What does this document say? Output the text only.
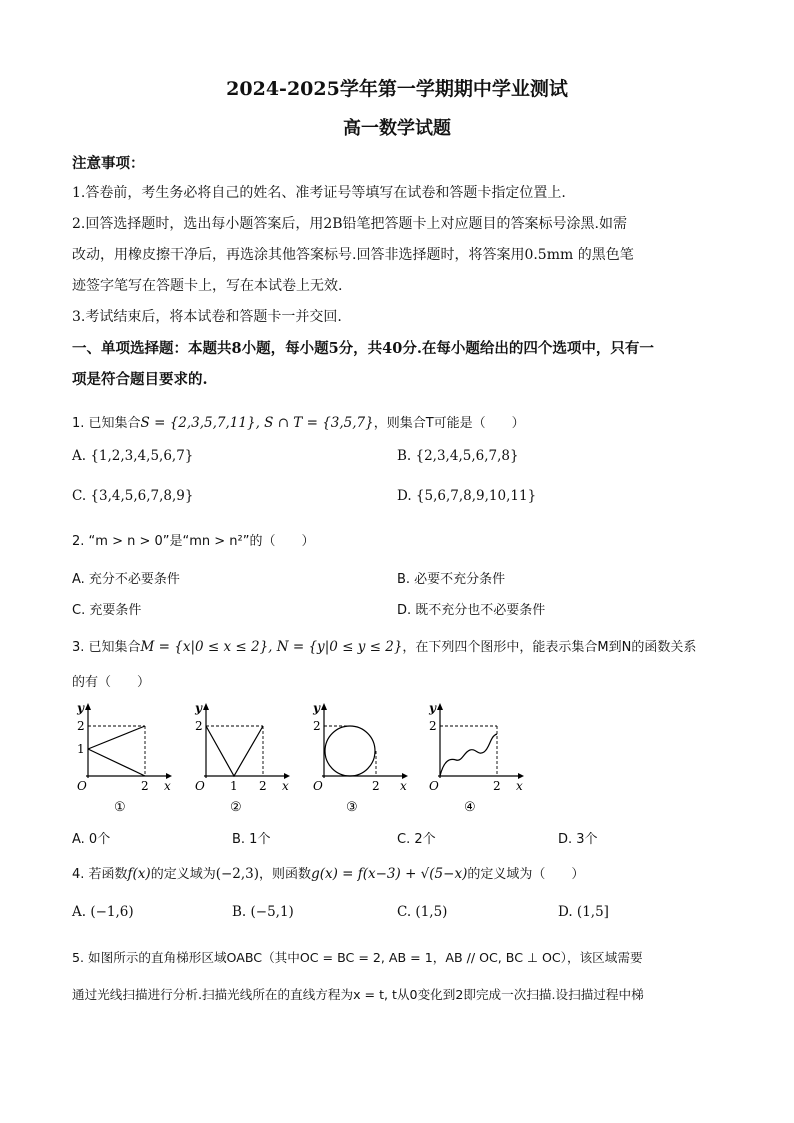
2024-2025学年第一学期期中学业测试
高一数学试题
注意事项：
1.答卷前，考生务必将自己的姓名、准考证号等填写在试卷和答题卡指定位置上.
2.回答选择题时，选出每小题答案后，用2B铅笔把答题卡上对应题目的答案标号涂黑.如需
改动，用橡皮擦干净后，再选涂其他答案标号.回答非选择题时，将答案用0.5mm 的黑色笔
迹签字笔写在答题卡上，写在本试卷上无效.
3.考试结束后，将本试卷和答题卡一并交回.
一、单项选择题：本题共8小题，每小题5分，共40分.在每小题给出的四个选项中，只有一
项是符合题目要求的.
1. 已知集合S = {2,3,5,7,11}, S ∩ T = {3,5,7}，则集合T可能是（　　）
A. {1,2,3,4,5,6,7}	B. {2,3,4,5,6,7,8}
C. {3,4,5,6,7,8,9}	D. {5,6,7,8,9,10,11}
2. “m > n > 0”是“mn > n²”的（　　）
A. 充分不必要条件	B. 必要不充分条件
C. 充要条件	D. 既不充分也不必要条件
3. 已知集合M = {x|0 ≤ x ≤ 2}, N = {y|0 ≤ y ≤ 2}，在下列四个图形中，能表示集合M到N的函数关系
的有（　　）
y
x
O
2
1
2
①
y
x
O
2
1 2
②
y
x
O
2
2
③
y
x
O
2
2
④
A. 0个	B. 1个	C. 2个	D. 3个
4. 若函数f(x)的定义域为(−2,3)，则函数g(x) = f(x−3) + √(5−x)的定义域为（　　）
A. (−1,6)	B. (−5,1)	C. (1,5)	D. (1,5]
5. 如图所示的直角梯形区域OABC（其中OC = BC = 2, AB = 1，AB // OC, BC ⊥ OC），该区域需要
通过光线扫描进行分析.扫描光线所在的直线方程为x = t, t从0变化到2即完成一次扫描.设扫描过程中梯
